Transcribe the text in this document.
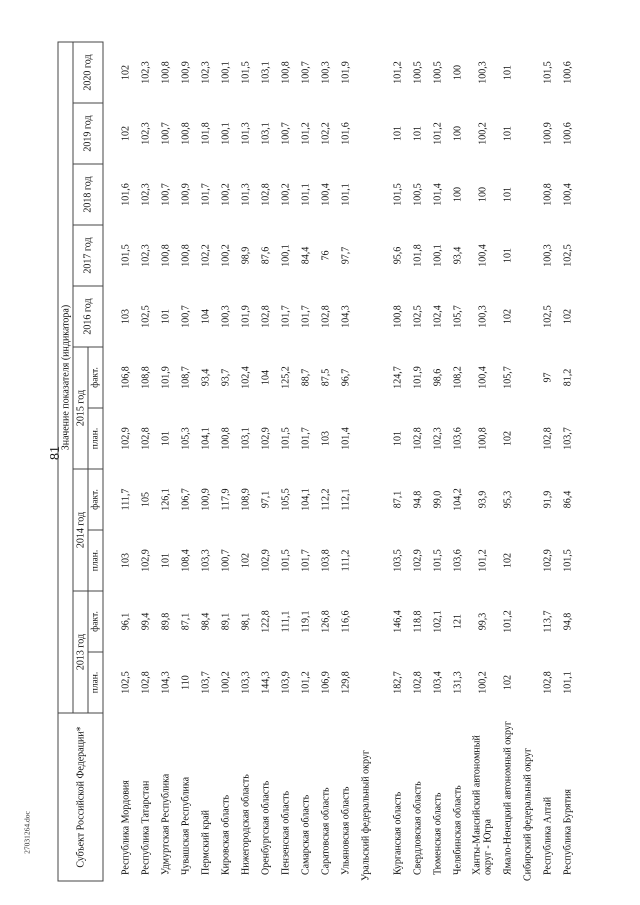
81
27031264.doc	Субъект Российской Федерации*	Значение показателя (индикатора)										
	2013 год		2014 год		2015 год		2016 год	2017 год	2018 год	2019 год	2020 год
	план.	факт.	план.	факт.	план.	факт.					

Республика Мордовия	102,5	96,1	103	111,7	102,9	106,8	103	101,5	101,6	102	102
Республика Татарстан	102,8	99,4	102,9	105	102,8	108,8	102,5	102,3	102,3	102,3	102,3
Удмуртская Республика	104,3	89,8	101	126,1	101	101,9	101	100,8	100,7	100,7	100,8
Чувашская Республика	110	87,1	108,4	106,7	105,3	108,7	100,7	100,8	100,9	100,8	100,9
Пермский край	103,7	98,4	103,3	100,9	104,1	93,4	104	102,2	101,7	101,8	102,3
Кировская область	100,2	89,1	100,7	117,9	100,8	93,7	100,3	100,2	100,2	100,1	100,1
Нижегородская область	103,3	98,1	102	108,9	103,1	102,4	101,9	98,9	101,3	101,3	101,5
Оренбургская область	144,3	122,8	102,9	97,1	102,9	104	102,8	87,6	102,8	103,1	103,1
Пензенская область	103,9	111,1	101,5	105,5	101,5	125,2	101,7	100,1	100,2	100,7	100,8
Самарская область	101,2	119,1	101,7	104,1	101,7	88,7	101,7	84,4	101,1	101,2	100,7
Саратовская область	106,9	126,8	103,8	112,2	103	87,5	102,8	76	100,4	102,2	100,3
Ульяновская область	129,8	116,6	111,2	112,1	101,4	96,7	104,3	97,7	101,1	101,6	101,9
Уральский федеральный округ											

Курганская область	182,7	146,4	103,5	87,1	101	124,7	100,8	95,6	101,5	101	101,2
Свердловская область	102,8	118,8	102,9	94,8	102,8	101,9	102,5	101,8	100,5	101	100,5
Тюменская область	103,4	102,1	101,5	99,0	102,3	98,6	102,4	100,1	101,4	101,2	100,5
Челябинская область	131,3	121	103,6	104,2	103,6	108,2	105,7	93,4	100	100	100
Ханты-Мансийский автономный округ - Югра	100,2	99,3	101,2	93,9	100,8	100,4	100,3	100,4	100	100,2	100,3
Ямало-Ненецкий автономный округ	102	101,2	102	95,3	102	105,7	102	101	101	101	101
Сибирский федеральный округ											
Республика Алтай	102,8	113,7	102,9	91,9	102,8	97	102,5	100,3	100,8	100,9	101,5
Республика Бурятия	101,1	94,8	101,5	86,4	103,7	81,2	102	102,5	100,4	100,6	100,6
